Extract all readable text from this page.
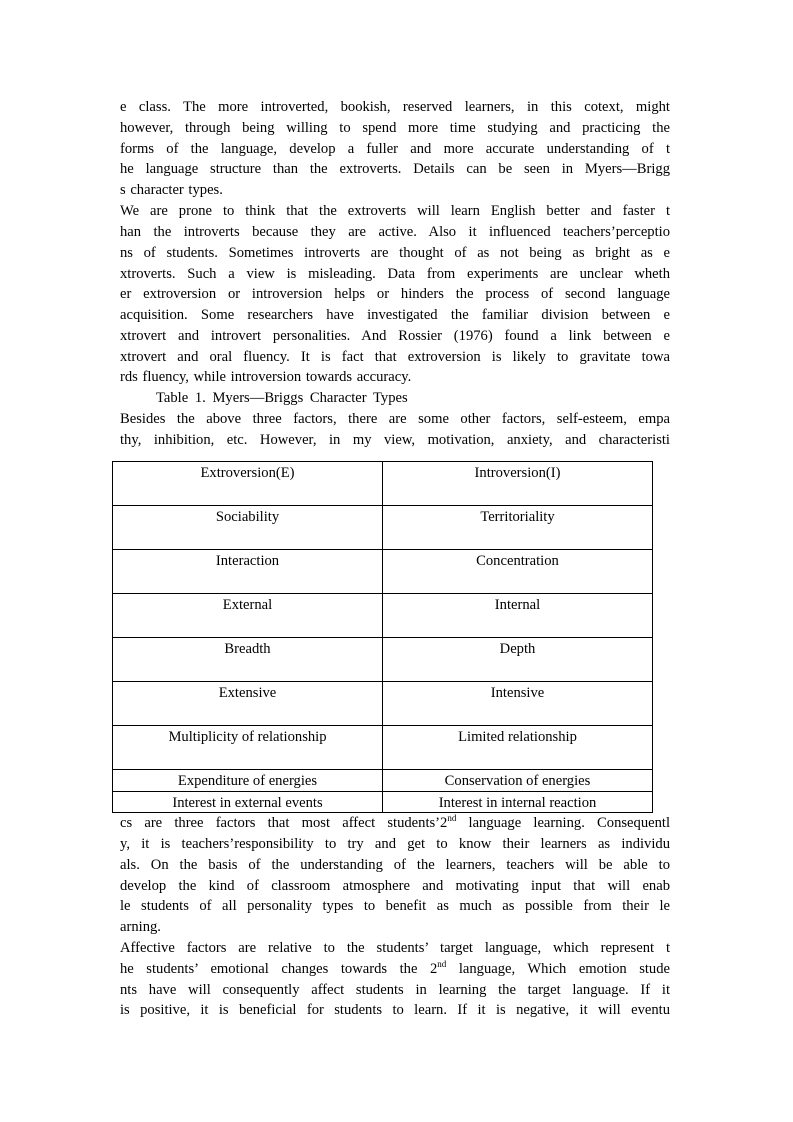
e class. The more introverted, bookish, reserved learners, in this cotext, might
however, through being willing to spend more time studying and practicing the
forms of the language, develop a fuller and more accurate understanding of t
he language structure than the extroverts. Details can be seen in Myers—Brigg
s character types.
We are prone to think that the extroverts will learn English better and faster t
han the introverts because they are active. Also it influenced teachers’perceptio
ns of students. Sometimes introverts are thought of as not being as bright as e
xtroverts. Such a view is misleading. Data from experiments are unclear wheth
er extroversion or introversion helps or hinders the process of second language
acquisition. Some researchers have investigated the familiar division between e
xtrovert and introvert personalities. And Rossier (1976) found a link between e
xtrovert and oral fluency. It is fact that extroversion is likely to gravitate towa
rds fluency, while introversion towards accuracy.
Table 1. Myers—Briggs Character Types
Besides the above three factors, there are some other factors, self-esteem, empa
thy, inhibition, etc. However, in my view, motivation, anxiety, and characteristi
Extroversion(E)	Introversion(I)
Sociability	Territoriality
Interaction	Concentration
External	Internal
Breadth	Depth
Extensive	Intensive
Multiplicity of relationship	Limited relationship
Expenditure of energies	Conservation of energies
Interest in external events	Interest in internal reaction
cs are three factors that most affect students’2nd language learning. Consequentl
y, it is teachers’responsibility to try and get to know their learners as individu
als. On the basis of the understanding of the learners, teachers will be able to
develop the kind of classroom atmosphere and motivating input that will enab
le students of all personality types to benefit as much as possible from their le
arning.
Affective factors are relative to the students’ target language, which represent t
he students’ emotional changes towards the 2nd language, Which emotion stude
nts have will consequently affect students in learning the target language. If it
is positive, it is beneficial for students to learn. If it is negative, it will eventu
